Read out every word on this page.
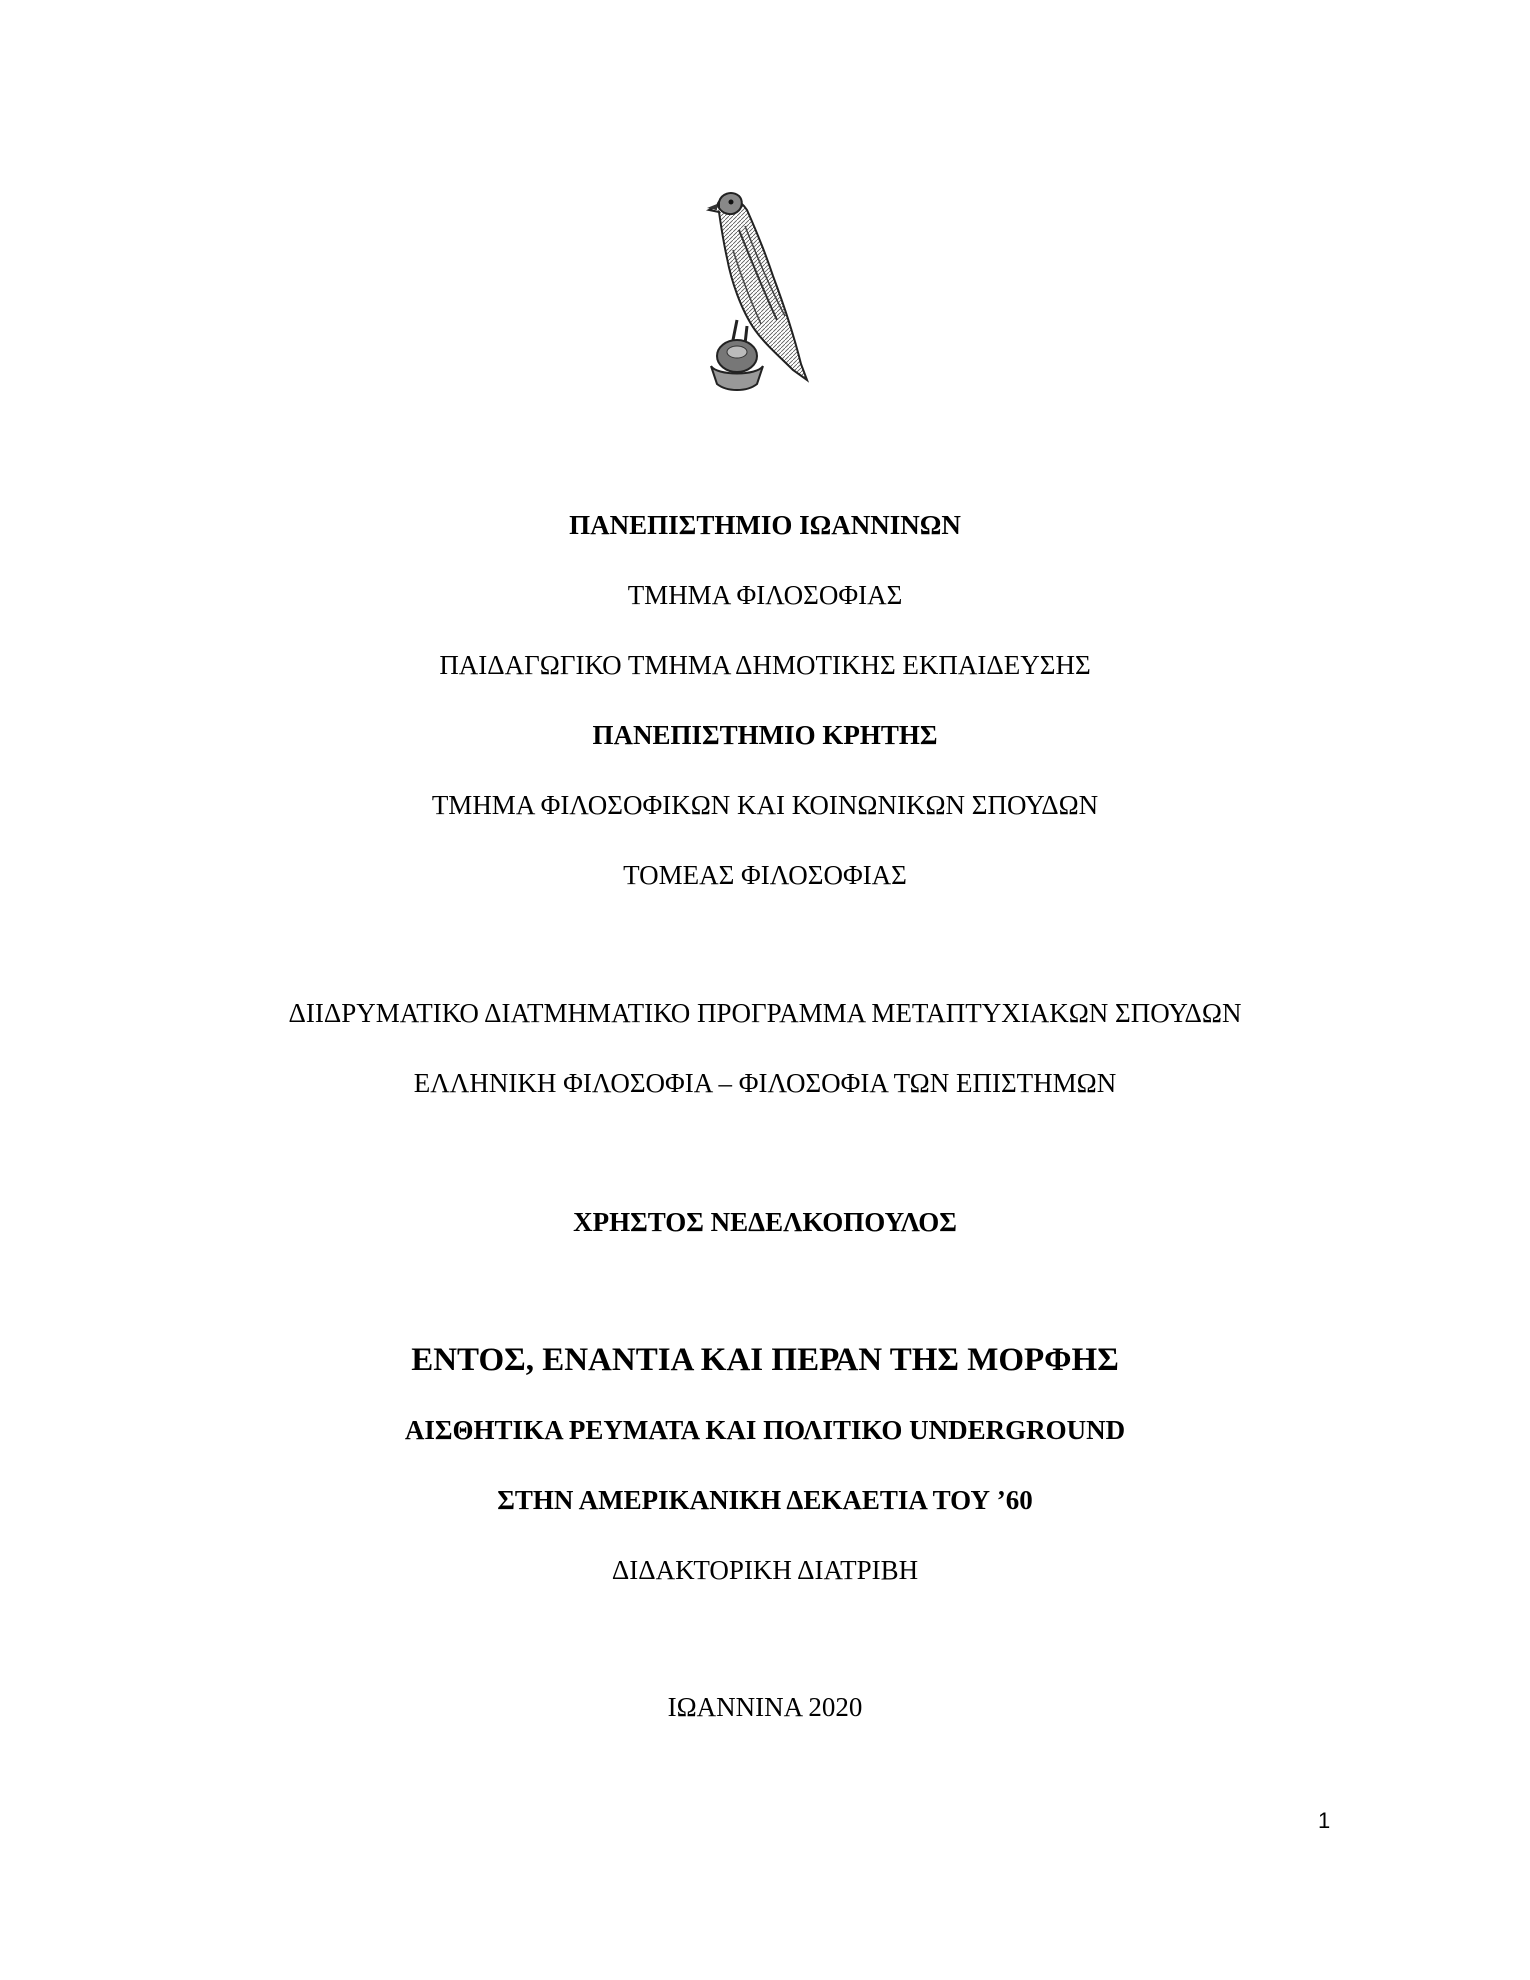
ΠΑΝΕΠΙΣΤΗΜΙΟ ΙΩΑΝΝΙΝΩΝ
ΤΜΗΜΑ ΦΙΛΟΣΟΦΙΑΣ
ΠΑΙΔΑΓΩΓΙΚΟ ΤΜΗΜΑ ΔΗΜΟΤΙΚΗΣ ΕΚΠΑΙΔΕΥΣΗΣ
ΠΑΝΕΠΙΣΤΗΜΙΟ ΚΡΗΤΗΣ
ΤΜΗΜΑ ΦΙΛΟΣΟΦΙΚΩΝ ΚΑΙ ΚΟΙΝΩΝΙΚΩΝ ΣΠΟΥΔΩΝ
ΤΟΜΕΑΣ ΦΙΛΟΣΟΦΙΑΣ
ΔΙΙΔΡΥΜΑΤΙΚΟ ΔΙΑΤΜΗΜΑΤΙΚΟ ΠΡΟΓΡΑΜΜΑ ΜΕΤΑΠΤΥΧΙΑΚΩΝ ΣΠΟΥΔΩΝ
ΕΛΛΗΝΙΚΗ ΦΙΛΟΣΟΦΙΑ – ΦΙΛΟΣΟΦΙΑ ΤΩΝ ΕΠΙΣΤΗΜΩΝ
ΧΡΗΣΤΟΣ ΝΕΔΕΛΚΟΠΟΥΛΟΣ
ΕΝΤΟΣ, ΕΝΑΝΤΙΑ ΚΑΙ ΠΕΡΑΝ ΤΗΣ ΜΟΡΦΗΣ
ΑΙΣΘΗΤΙΚΑ ΡΕΥΜΑΤΑ ΚΑΙ ΠΟΛΙΤΙΚΟ UNDERGROUND
ΣΤΗΝ ΑΜΕΡΙΚΑΝΙΚΗ ΔΕΚΑΕΤΙΑ ΤΟΥ ’60
ΔΙΔΑΚΤΟΡΙΚΗ ΔΙΑΤΡΙΒΗ
ΙΩΑΝΝΙΝΑ 2020
1
